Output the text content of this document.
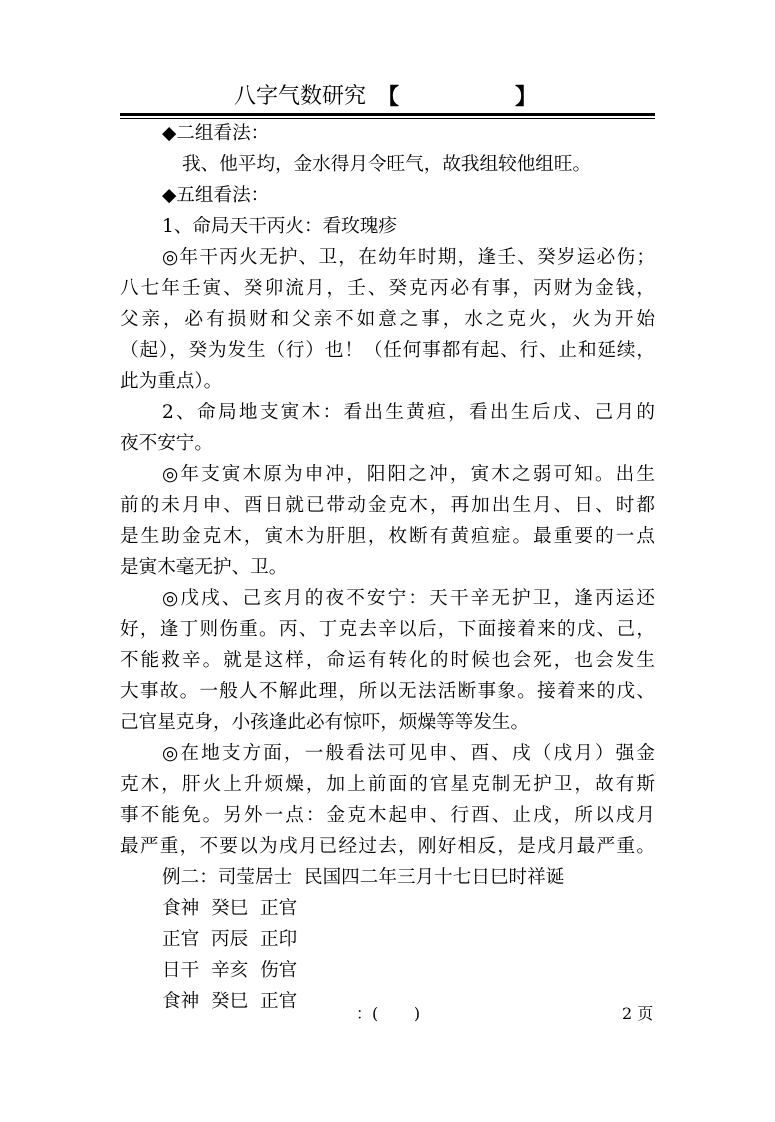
八字气数研究 【	】
◆二组看法：
我、他平均，金水得月令旺气，故我组较他组旺。
◆五组看法：
1、命局天干丙火：看玫瑰疹
◎年干丙火无护、卫，在幼年时期，逢壬、癸岁运必伤；
八七年壬寅、癸卯流月，壬、癸克丙必有事，丙财为金钱，
父亲，必有损财和父亲不如意之事，水之克火，火为开始
（起），癸为发生（行）也！（任何事都有起、行、止和延续，
此为重点）。
2、命局地支寅木：看出生黄疸，看出生后戊、己月的
夜不安宁。
◎年支寅木原为申冲，阳阳之冲，寅木之弱可知。出生
前的未月申、酉日就已带动金克木，再加出生月、日、时都
是生助金克木，寅木为肝胆，枚断有黄疸症。最重要的一点
是寅木毫无护、卫。
◎戊戌、己亥月的夜不安宁：天干辛无护卫，逢丙运还
好，逢丁则伤重。丙、丁克去辛以后，下面接着来的戊、己，
不能救辛。就是这样，命运有转化的时候也会死，也会发生
大事故。一般人不解此理，所以无法活断事象。接着来的戊、
己官星克身，小孩逢此必有惊吓，烦燥等等发生。
◎在地支方面，一般看法可见申、酉、戌（戌月）强金
克木，肝火上升烦燥，加上前面的官星克制无护卫，故有斯
事不能免。另外一点：金克木起申、行酉、止戌，所以戌月
最严重，不要以为戌月已经过去，刚好相反，是戌月最严重。
例二：司莹居士  民国四二年三月十七日巳时祥诞
食神  癸巳  正官
正官  丙辰  正印
日干  辛亥  伤官
食神  癸巳  正官
：(       )	2 页
